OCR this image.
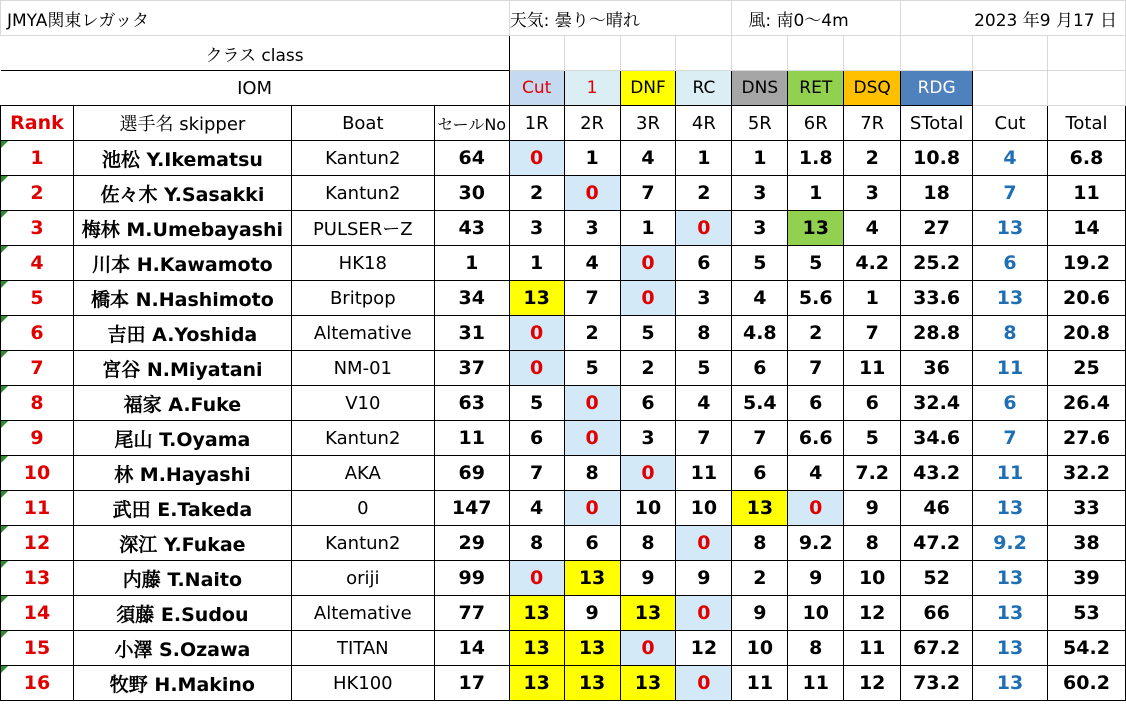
JMYA関東レガッタ				天気: 曇り～晴れ				風: 南0～4m			2023 年9 月17 日		
クラス class													
IOM				Cut	1	DNF	RC	DNS	RET	DSQ	RDG		
Rank	選手名 skipper	Boat	セールNo	1R	2R	3R	4R	5R	6R	7R	STotal	Cut	Total
1	池松 Y.Ikematsu	Kantun2	64	0	1	4	1	1	1.8	2	10.8	4	6.8
2	佐々木 Y.Sasakki	Kantun2	30	2	0	7	2	3	1	3	18	7	11
3	梅林 M.Umebayashi	PULSERーZ	43	3	3	1	0	3	13	4	27	13	14
4	川本 H.Kawamoto	HK18	1	1	4	0	6	5	5	4.2	25.2	6	19.2
5	橋本 N.Hashimoto	Britpop	34	13	7	0	3	4	5.6	1	33.6	13	20.6
6	吉田 A.Yoshida	Altemative	31	0	2	5	8	4.8	2	7	28.8	8	20.8
7	宮谷 N.Miyatani	NM-01	37	0	5	2	5	6	7	11	36	11	25
8	福家 A.Fuke	V10	63	5	0	6	4	5.4	6	6	32.4	6	26.4
9	尾山 T.Oyama	Kantun2	11	6	0	3	7	7	6.6	5	34.6	7	27.6
10	林 M.Hayashi	AKA	69	7	8	0	11	6	4	7.2	43.2	11	32.2
11	武田 E.Takeda	0	147	4	0	10	10	13	0	9	46	13	33
12	深江 Y.Fukae	Kantun2	29	8	6	8	0	8	9.2	8	47.2	9.2	38
13	内藤 T.Naito	oriji	99	0	13	9	9	2	9	10	52	13	39
14	須藤 E.Sudou	Altemative	77	13	9	13	0	9	10	12	66	13	53
15	小澤 S.Ozawa	TITAN	14	13	13	0	12	10	8	11	67.2	13	54.2
16	牧野 H.Makino	HK100	17	13	13	13	0	11	11	12	73.2	13	60.2
